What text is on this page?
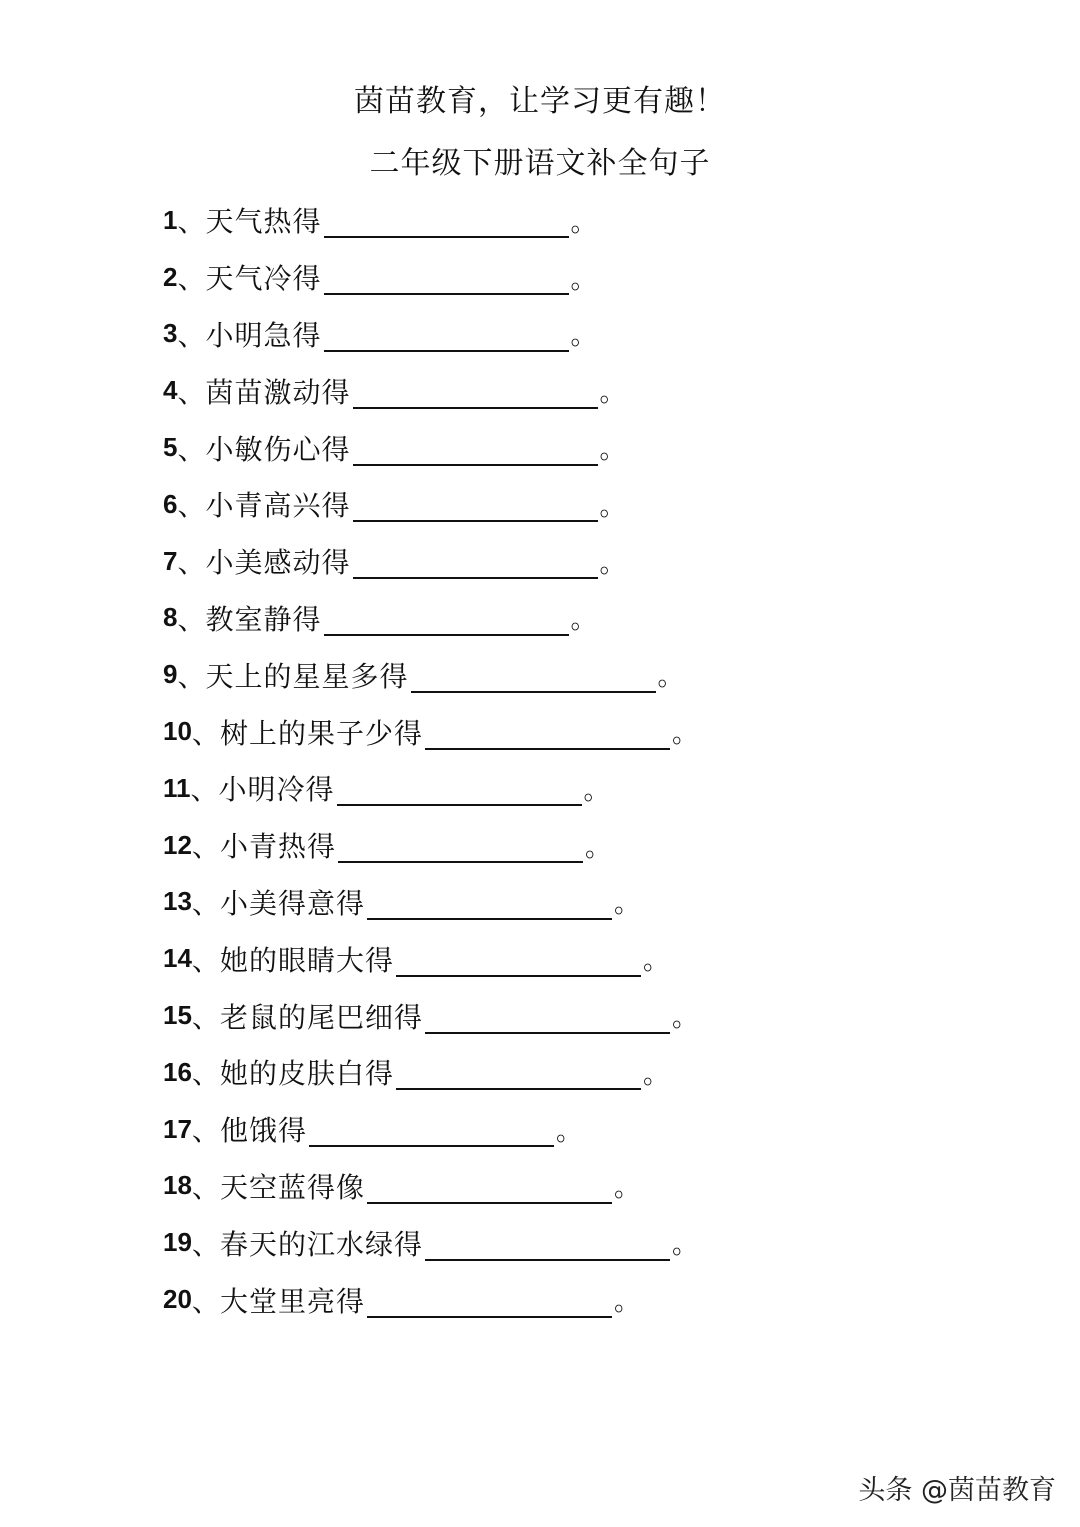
茵苗教育，让学习更有趣！
二年级下册语文补全句子
1 、 天气热得	。
2 、 天气冷得	。
3 、 小明急得	。
4 、 茵苗激动得	。
5 、 小敏伤心得	。
6 、 小青高兴得	。
7 、 小美感动得	。
8 、 教室静得	。
9 、 天上的星星多得	。
10 、 树上的果子少得	。
11 、 小明冷得	。
12 、 小青热得	。
13 、 小美得意得	。
14 、 她的眼睛大得	。
15 、 老鼠的尾巴细得	。
16 、 她的皮肤白得	。
17 、 他饿得	。
18 、 天空蓝得像	。
19 、 春天的江水绿得	。
20 、 大堂里亮得	。
头条 @茵苗教育
